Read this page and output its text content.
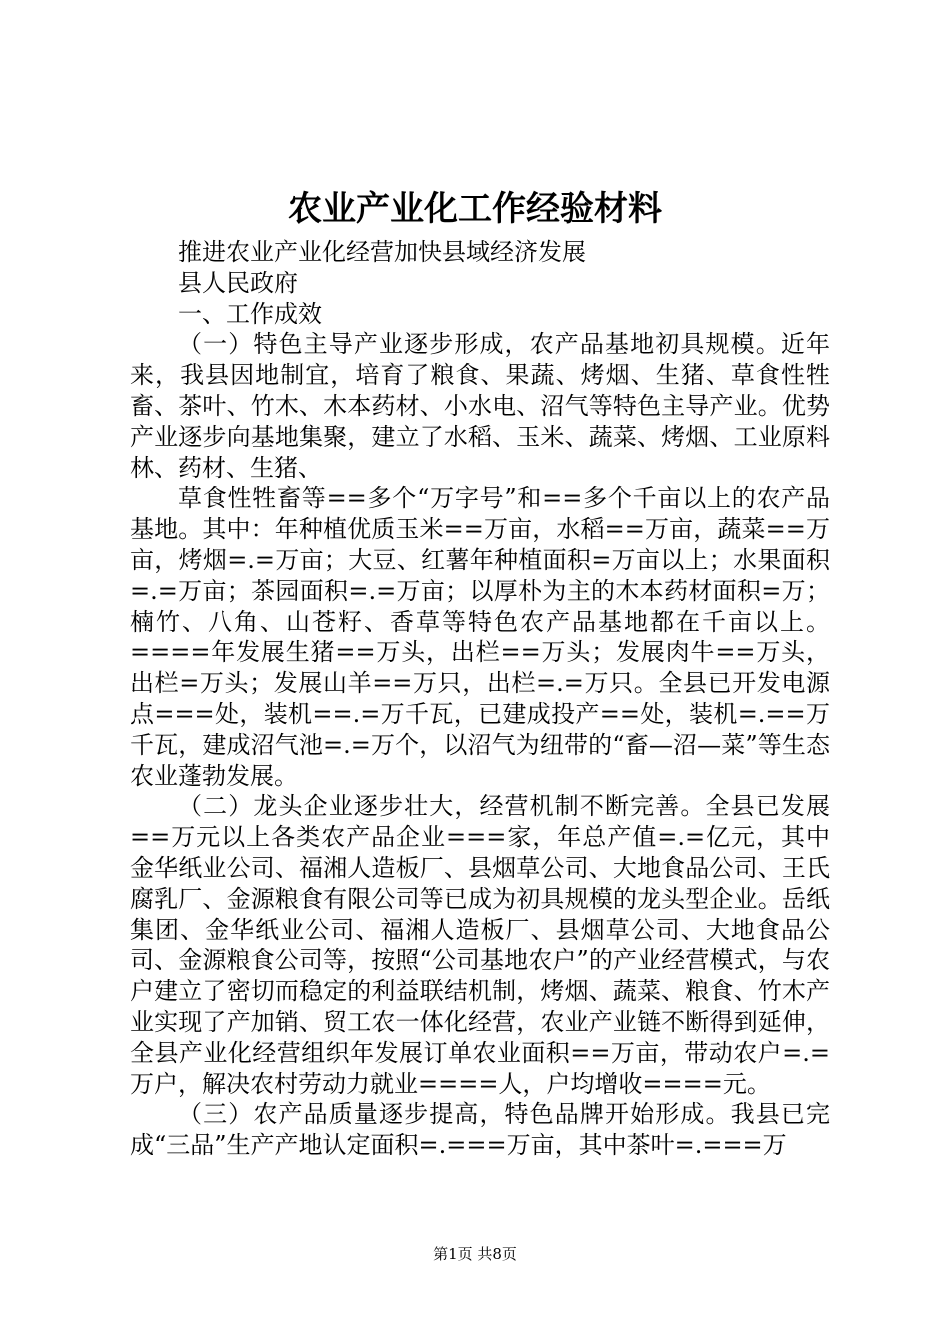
农业产业化工作经验材料

推进农业产业化经营加快县域经济发展

县人民政府

一、工作成效

（一）特色主导产业逐步形成，农产品基地初具规模。近年来，我县因地制宜，培育了粮食、果蔬、烤烟、生猪、草食性牲畜、茶叶、竹木、木本药材、小水电、沼气等特色主导产业。优势产业逐步向基地集聚，建立了水稻、玉米、蔬菜、烤烟、工业原料林、药材、生猪、

草食性牲畜等==多个“万字号”和==多个千亩以上的农产品基地。其中：年种植优质玉米==万亩，水稻==万亩，蔬菜==万亩，烤烟=.=万亩；大豆、红薯年种植面积=万亩以上；水果面积=.=万亩；茶园面积=.=万亩；以厚朴为主的木本药材面积=万；楠竹、八角、山苍籽、香草等特色农产品基地都在千亩以上。====年发展生猪==万头，出栏==万头；发展肉牛==万头，出栏=万头；发展山羊==万只，出栏=.=万只。全县已开发电源点===处，装机==.=万千瓦，已建成投产==处，装机=.==万千瓦，建成沼气池=.=万个，以沼气为纽带的“畜—沼—菜”等生态农业蓬勃发展。

（二）龙头企业逐步壮大，经营机制不断完善。全县已发展==万元以上各类农产品企业===家，年总产值=.=亿元，其中金华纸业公司、福湘人造板厂、县烟草公司、大地食品公司、王氏腐乳厂、金源粮食有限公司等已成为初具规模的龙头型企业。岳纸集团、金华纸业公司、福湘人造板厂、县烟草公司、大地食品公司、金源粮食公司等，按照“公司基地农户”的产业经营模式，与农户建立了密切而稳定的利益联结机制，烤烟、蔬菜、粮食、竹木产业实现了产加销、贸工农一体化经营，农业产业链不断得到延伸，全县产业化经营组织年发展订单农业面积==万亩，带动农户=.=万户，解决农村劳动力就业====人，户均增收====元。

（三）农产品质量逐步提高，特色品牌开始形成。我县已完成“三品”生产产地认定面积=.===万亩，其中茶叶=.===万

第1页 共8页
